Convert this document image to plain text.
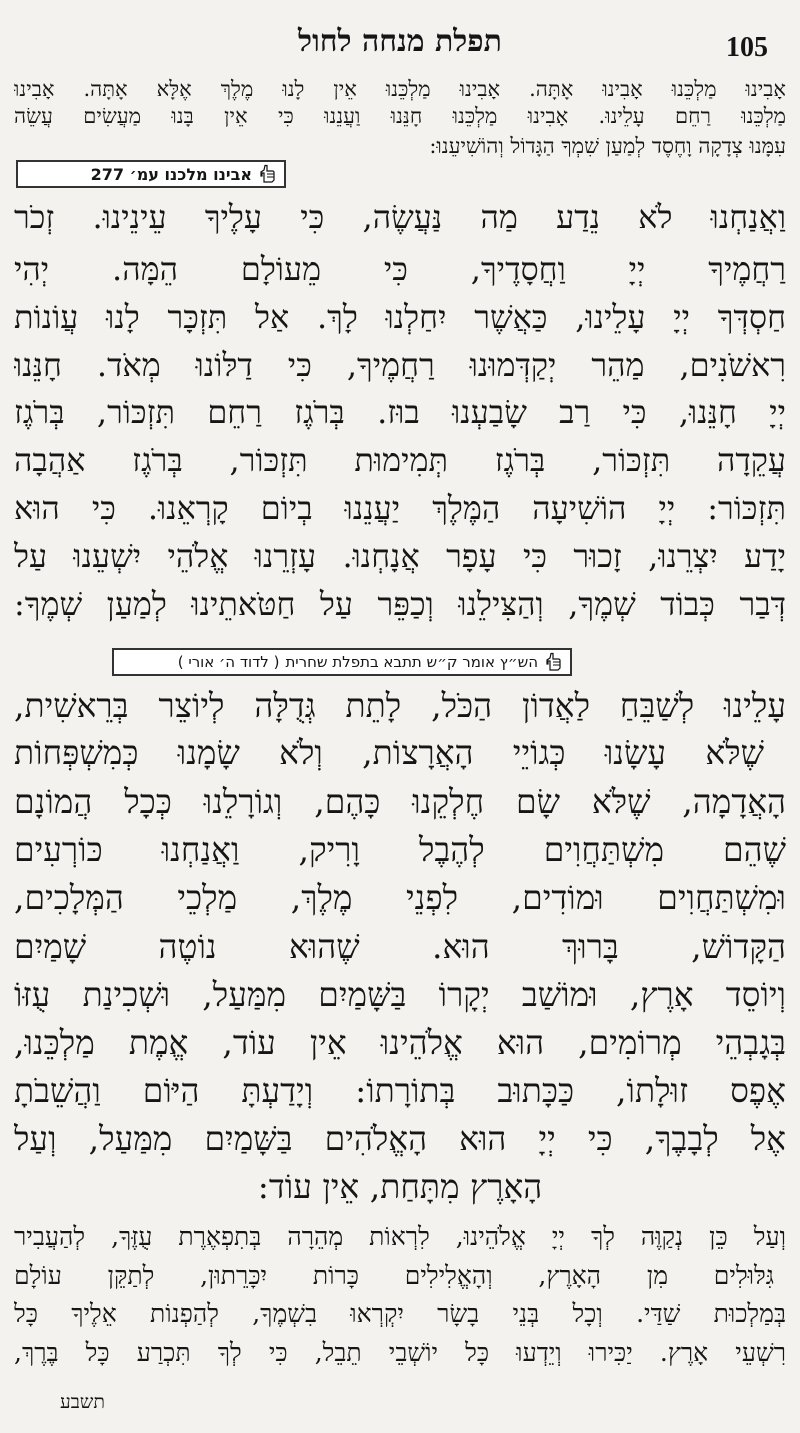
105
תפלת מנחה לחול
אָבִינוּ מַלְכֵּנוּ אָבִינוּ אָתָּה. אָבִינוּ מַלְכֵּנוּ אֵין לָנוּ מֶלֶךְ אֶלָּא אָתָּה. אָבִינוּ
מַלְכֵּנוּ רַחֵם עָלֵינוּ. אָבִינוּ מַלְכֵּנוּ חָנֵּנוּ וַעֲנֵנוּ כִּי אֵין בָּנוּ מַעֲשִׂים עֲשֵׂה
עִמָּנוּ צְדָקָה וָחֶסֶד לְמַעַן שִׁמְךָ הַגָּדוֹל וְהוֹשִׁיעֵנוּ:
אבינו מלכנו עמ׳ 277
וַאֲנַחְנוּ לֹא נֵדַע מַה נַּעֲשֶׂה, כִּי עָלֶיךָ עֵינֵינוּ. זְכֹר
רַחֲמֶיךָ יְיָ וַחֲסָדֶיךָ, כִּי מֵעוֹלָם הֵמָּה. יְהִי
חַסְדְּךָ יְיָ עָלֵינוּ, כַּאֲשֶׁר יִחַלְנוּ לָךְ. אַל תִּזְכָּר לָנוּ עֲוֹנוֹת
רִאשֹׁנִים, מַהֵר יְקַדְּמוּנוּ רַחֲמֶיךָ, כִּי דַלּוֹנוּ מְאֹד. חָנֵּנוּ
יְיָ חָנֵּנוּ, כִּי רַב שָׂבַעְנוּ בוּז. בְּרֹגֶז רַחֵם תִּזְכּוֹר, בְּרֹגֶז
עֲקֵדָה תִּזְכּוֹר, בְּרֹגֶז תְּמִימוּת תִּזְכּוֹר, בְּרֹגֶז אַהֲבָה
תִּזְכּוֹר: יְיָ הוֹשִׁיעָה הַמֶּלֶךְ יַעֲנֵנוּ בְיוֹם קָרְאֵנוּ. כִּי הוּא
יָדַע יִצְרֵנוּ, זָכוּר כִּי עָפָר אֲנָחְנוּ. עָזְרֵנוּ אֱלֹהֵי יִשְׁעֵנוּ עַל
דְּבַר כְּבוֹד שְׁמֶךָ, וְהַצִּילֵנוּ וְכַפֵּר עַל חַטֹּאתֵינוּ לְמַעַן שְׁמֶךָ:
הש״ץ אומר ק״ש תתבא בתפלת שחרית
( לדוד ה׳ אורי )
עָלֵינוּ לְשַׁבֵּחַ לַאֲדוֹן הַכֹּל, לָתֵת גְּדֻלָּה לְיוֹצֵר בְּרֵאשִׁית,
שֶׁלֹּא עָשָׂנוּ כְּגוֹיֵי הָאֲרָצוֹת, וְלֹא שָׂמָנוּ כְּמִשְׁפְּחוֹת
הָאֲדָמָה, שֶׁלֹּא שָׂם חֶלְקֵנוּ כָּהֶם, וְגוֹרָלֵנוּ כְּכָל הֲמוֹנָם
שֶׁהֵם מִשְׁתַּחֲוִים לְהֶבֶל וָרִיק, וַאֲנַחְנוּ כּוֹרְעִים
וּמִשְׁתַּחֲוִים וּמוֹדִים, לִפְנֵי מֶלֶךְ, מַלְכֵי הַמְּלָכִים,
הַקָּדוֹשׁ, בָּרוּךְ הוּא. שֶׁהוּא נוֹטֶה שָׁמַיִם
וְיוֹסֵד אָרֶץ, וּמוֹשַׁב יְקָרוֹ בַּשָּׁמַיִם מִמַּעַל, וּשְׁכִינַת עֻזּוֹ
בְּגָבְהֵי מְרוֹמִים, הוּא אֱלֹהֵינוּ אֵין עוֹד, אֱמֶת מַלְכֵּנוּ,
אֶפֶס זוּלָתוֹ, כַּכָּתוּב בְּתוֹרָתוֹ: וְיָדַעְתָּ הַיּוֹם וַהֲשֵׁבֹתָ
אֶל לְבָבֶךָ, כִּי יְיָ הוּא הָאֱלֹהִים בַּשָּׁמַיִם מִמַּעַל, וְעַל
הָאָרֶץ מִתָּחַת, אֵין עוֹד:
וְעַל כֵּן נְקַוֶּה לְךָ יְיָ אֱלֹהֵינוּ, לִרְאוֹת מְהֵרָה בְּתִפְאֶרֶת עֻזֶּךָ, לְהַעֲבִיר
גִּלּוּלִים מִן הָאָרֶץ, וְהָאֱלִילִים כָּרוֹת יִכָּרֵתוּן, לְתַקֵּן עוֹלָם
בְּמַלְכוּת שַׁדַּי. וְכָל בְּנֵי בָשָׂר יִקְרְאוּ בִשְׁמֶךָ, לְהַפְנוֹת אֵלֶיךָ כָּל
רִשְׁעֵי אָרֶץ. יַכִּירוּ וְיֵדְעוּ כָּל יוֹשְׁבֵי תֵבֵל, כִּי לְךָ תִּכְרַע כָּל בֶּרֶךְ,
תשבע
